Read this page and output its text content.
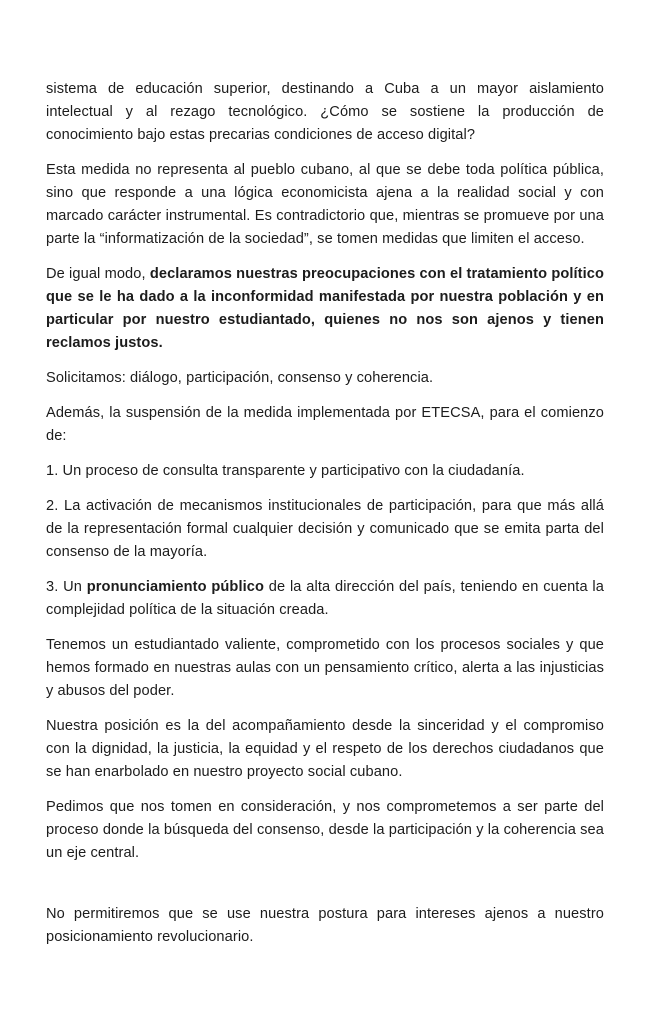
sistema de educación superior, destinando a Cuba a un mayor aislamiento intelectual y al rezago tecnológico. ¿Cómo se sostiene la producción de conocimiento bajo estas precarias condiciones de acceso digital?

Esta medida no representa al pueblo cubano, al que se debe toda política pública, sino que responde a una lógica economicista ajena a la realidad social y con marcado carácter instrumental. Es contradictorio que, mientras se promueve por una parte la “informatización de la sociedad”, se tomen medidas que limiten el acceso.

De igual modo, declaramos nuestras preocupaciones con el tratamiento político que se le ha dado a la inconformidad manifestada por nuestra población y en particular por nuestro estudiantado, quienes no nos son ajenos y tienen reclamos justos.

Solicitamos: diálogo, participación, consenso y coherencia.

Además, la suspensión de la medida implementada por ETECSA, para el comienzo de:

1. Un proceso de consulta transparente y participativo con la ciudadanía.

2. La activación de mecanismos institucionales de participación, para que más allá de la representación formal cualquier decisión y comunicado que se emita parta del consenso de la mayoría.

3. Un pronunciamiento público de la alta dirección del país, teniendo en cuenta la complejidad política de la situación creada.

Tenemos un estudiantado valiente, comprometido con los procesos sociales y que hemos formado en nuestras aulas con un pensamiento crítico, alerta a las injusticias y abusos del poder.

Nuestra posición es la del acompañamiento desde la sinceridad y el compromiso con la dignidad, la justicia, la equidad y el respeto de los derechos ciudadanos que se han enarbolado en nuestro proyecto social cubano.

Pedimos que nos tomen en consideración, y nos comprometemos a ser parte del proceso donde la búsqueda del consenso, desde la participación y la coherencia sea un eje central.

No permitiremos que se use nuestra postura para intereses ajenos a nuestro posicionamiento revolucionario.
